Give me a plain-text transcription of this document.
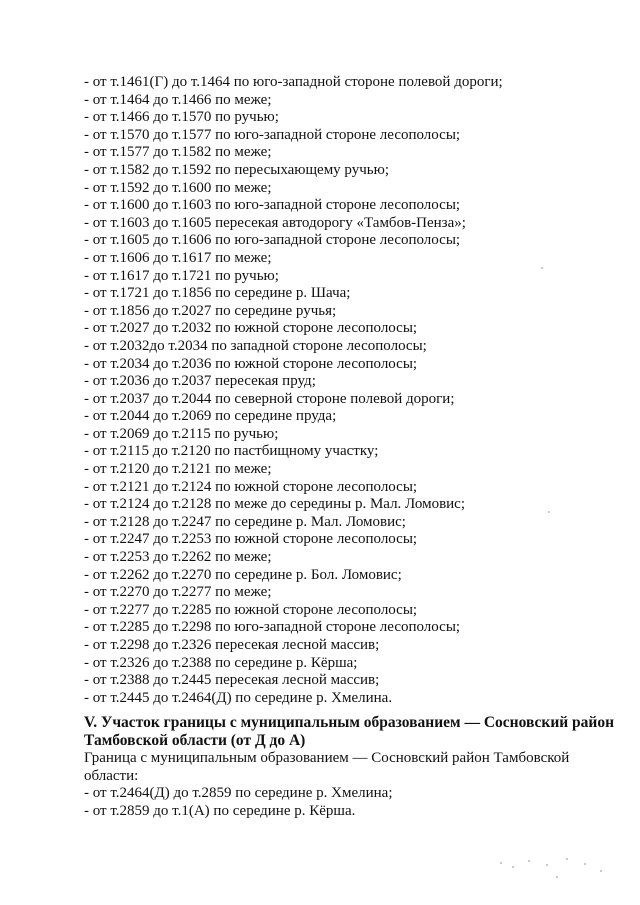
- от т.1461(Г) до т.1464 по юго-западной стороне полевой дороги;
- от т.1464 до т.1466 по меже;
- от т.1466 до т.1570 по ручью;
- от т.1570 до т.1577 по юго-западной стороне лесополосы;
- от т.1577 до т.1582 по меже;
- от т.1582 до т.1592 по пересыхающему ручью;
- от т.1592 до т.1600 по меже;
- от т.1600 до т.1603 по юго-западной стороне лесополосы;
- от т.1603 до т.1605 пересекая автодорогу «Тамбов-Пенза»;
- от т.1605 до т.1606 по юго-западной стороне лесополосы;
- от т.1606 до т.1617 по меже;
- от т.1617 до т.1721 по ручью;
- от т.1721 до т.1856 по середине р. Шача;
- от т.1856 до т.2027 по середине ручья;
- от т.2027 до т.2032 по южной стороне лесополосы;
- от т.2032до т.2034 по западной стороне лесополосы;
- от т.2034 до т.2036 по южной стороне лесополосы;
- от т.2036 до т.2037 пересекая пруд;
- от т.2037 до т.2044 по северной стороне полевой дороги;
- от т.2044 до т.2069 по середине пруда;
- от т.2069 до т.2115 по ручью;
- от т.2115 до т.2120 по пастбищному участку;
- от т.2120 до т.2121 по меже;
- от т.2121 до т.2124 по южной стороне лесополосы;
- от т.2124 до т.2128 по меже до середины р. Мал. Ломовис;
- от т.2128 до т.2247 по середине р. Мал. Ломовис;
- от т.2247 до т.2253 по южной стороне лесополосы;
- от т.2253 до т.2262 по меже;
- от т.2262 до т.2270 по середине р. Бол. Ломовис;
- от т.2270 до т.2277 по меже;
- от т.2277 до т.2285 по южной стороне лесополосы;
- от т.2285 до т.2298 по юго-западной стороне лесополосы;
- от т.2298 до т.2326 пересекая лесной массив;
- от т.2326 до т.2388 по середине р. Кёрша;
- от т.2388 до т.2445 пересекая лесной массив;
- от т.2445 до т.2464(Д) по середине р. Хмелина.
V. Участок границы с муниципальным образованием — Сосновский район
Тамбовской области (от Д до А)

Граница с муниципальным образованием — Сосновский район Тамбовской
области:

- от т.2464(Д) до т.2859 по середине р. Хмелина;
- от т.2859 до т.1(А) по середине р. Кёрша.
